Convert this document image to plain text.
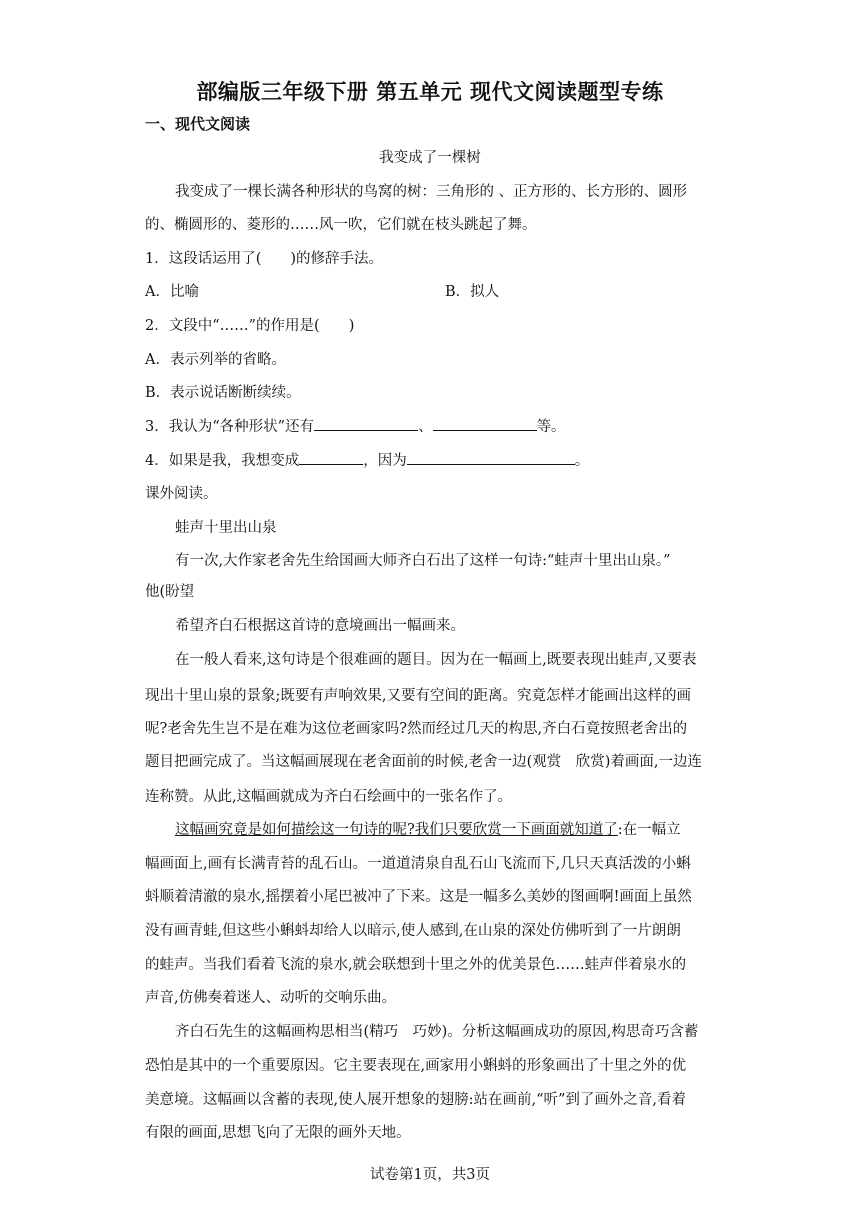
部编版三年级下册 第五单元 现代文阅读题型专练
一、现代文阅读
我变成了一棵树
我变成了一棵长满各种形状的鸟窝的树：三角形的 、正方形的、长方形的、圆形
的、椭圆形的、菱形的……风一吹，它们就在枝头跳起了舞。
1．这段话运用了(　　)的修辞手法。
A．比喻	B．拟人
2．文段中“……”的作用是(　　)
A．表示列举的省略。
B．表示说话断断续续。
3．我认为“各种形状”还有	、	等。
4．如果是我，我想变成	，因为	。
课外阅读。
蛙声十里出山泉
有一次,大作家老舍先生给国画大师齐白石出了这样一句诗:“蛙声十里出山泉。”
他(盼望
希望齐白石根据这首诗的意境画出一幅画来。
在一般人看来,这句诗是个很难画的题目。因为在一幅画上,既要表现出蛙声,又要表
现出十里山泉的景象;既要有声响效果,又要有空间的距离。究竟怎样才能画出这样的画
呢?老舍先生岂不是在难为这位老画家吗?然而经过几天的构思,齐白石竟按照老舍出的
题目把画完成了。当这幅画展现在老舍面前的时候,老舍一边(观赏　欣赏)着画面,一边连
连称赞。从此,这幅画就成为齐白石绘画中的一张名作了。
这幅画究竟是如何描绘这一句诗的呢?我们只要欣赏一下画面就知道了:在一幅立
幅画面上,画有长满青苔的乱石山。一道道清泉自乱石山飞流而下,几只天真活泼的小蝌
蚪顺着清澈的泉水,摇摆着小尾巴被冲了下来。这是一幅多么美妙的图画啊!画面上虽然
没有画青蛙,但这些小蝌蚪却给人以暗示,使人感到,在山泉的深处仿佛听到了一片朗朗
的蛙声。当我们看着飞流的泉水,就会联想到十里之外的优美景色……蛙声伴着泉水的
声音,仿佛奏着迷人、动听的交响乐曲。
齐白石先生的这幅画构思相当(精巧　巧妙)。分析这幅画成功的原因,构思奇巧含蓄
恐怕是其中的一个重要原因。它主要表现在,画家用小蝌蚪的形象画出了十里之外的优
美意境。这幅画以含蓄的表现,使人展开想象的翅膀:站在画前,“听”到了画外之音,看着
有限的画面,思想飞向了无限的画外天地。
试卷第1页，共3页
